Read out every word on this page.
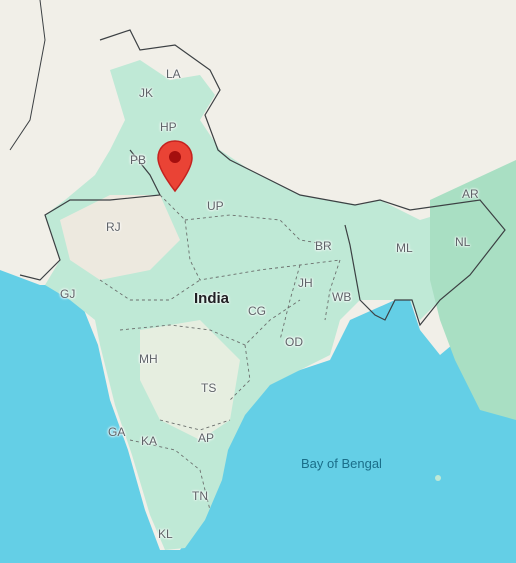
LA
JK
HP
PB
UP
RJ
GJ
BR
JH
WB
MH
CG
OD
TS
GA
KA	AP
TN
KL
ML	NL
AR
India
Bay of Bengal
